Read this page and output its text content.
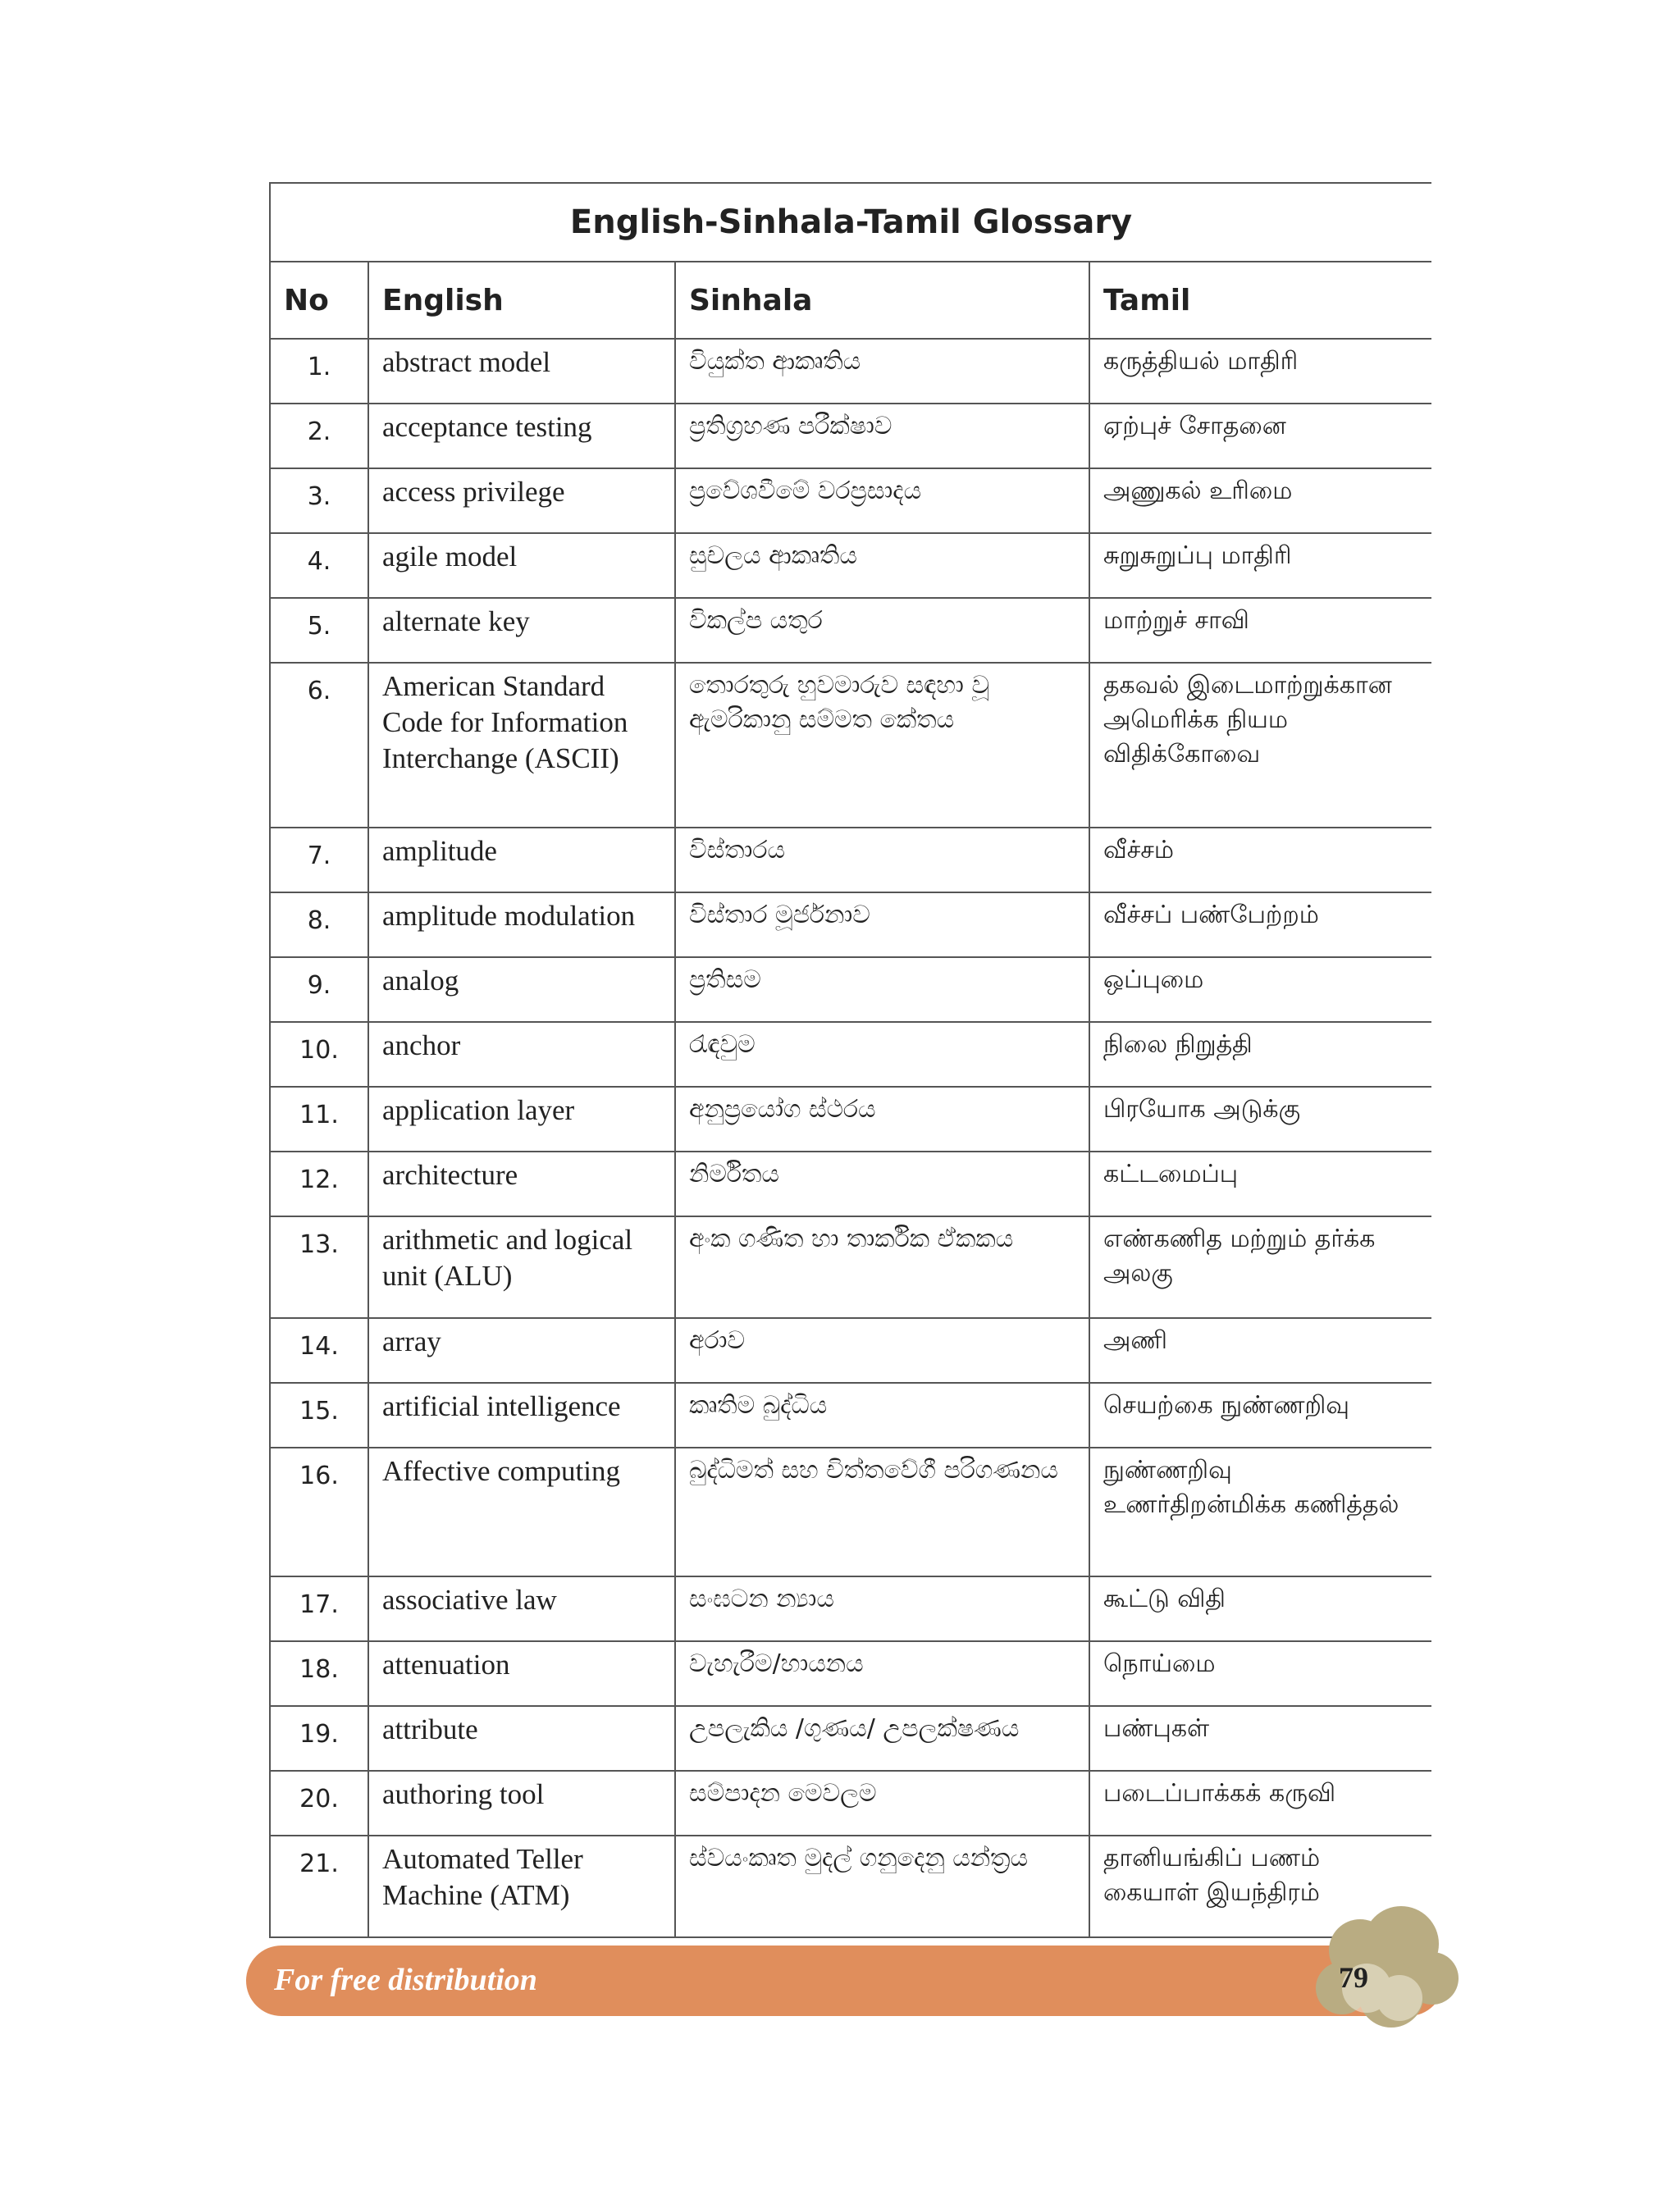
English-Sinhala-Tamil Glossary			
No	English	Sinhala	Tamil
1.	abstract model	වියුක්ත ආකෘතිය	கருத்தியல் மாதிரி
2.	acceptance testing	ප්‍රතිග්‍රහණ පරීක්ෂාව	ஏற்புச் சோதனை
3.	access privilege	ප්‍රවේශවීමේ වරප්‍රසාදය	அணுகல் உரிமை
4.	agile model	සුචලය ආකෘතිය	சுறுசுறுப்பு மாதிரி
5.	alternate key	විකල්ප යතුර	மாற்றுச் சாவி
6.	American Standard Code for Information Interchange (ASCII)	තොරතුරු හුවමාරුව සඳහා වූ ඇමරිකානු සම්මත කේතය	தகவல் இடைமாற்றுக்கான அமெரிக்க நியம விதிக்கோவை
7.	amplitude	විස්තාරය	வீச்சம்
8.	amplitude modulation	විස්තාර මූර්ජනාව	வீச்சப் பண்பேற்றம்
9.	analog	ප්‍රතිසම	ஒப்புமை
10.	anchor	රැඳවුම	நிலை நிறுத்தி
11.	application layer	අනුප්‍රයෝග ස්ථරය	பிரயோக அடுக்கு
12.	architecture	නිර්මිතය	கட்டமைப்பு
13.	arithmetic and logical unit (ALU)	අංක ගණිත හා තාර්කික ඒකකය	எண்கணித மற்றும் தர்க்க அலகு
14.	array	අරාව	அணி
15.	artificial intelligence	කෘතිම බුද්ධිය	செயற்கை நுண்ணறிவு
16.	Affective computing	බුද්ධිමත් සහ චිත්තවේගී පරිගණනය	நுண்ணறிவு உணர்திறன்மிக்க கணித்தல்
17.	associative law	සංඝටන න්‍යාය	கூட்டு விதி
18.	attenuation	වැහැරීම/හායනය	நொய்மை
19.	attribute	උපලැකිය /ගුණය/ උපලක්ෂණය	பண்புகள்
20.	authoring tool	සම්පාදන මෙවලම	படைப்பாக்கக் கருவி
21.	Automated Teller Machine (ATM)	ස්වයංකෘත මුදල් ගනුදෙනු යන්ත්‍රය	தானியங்கிப் பணம் கையாள் இயந்திரம்
For free distribution	79
